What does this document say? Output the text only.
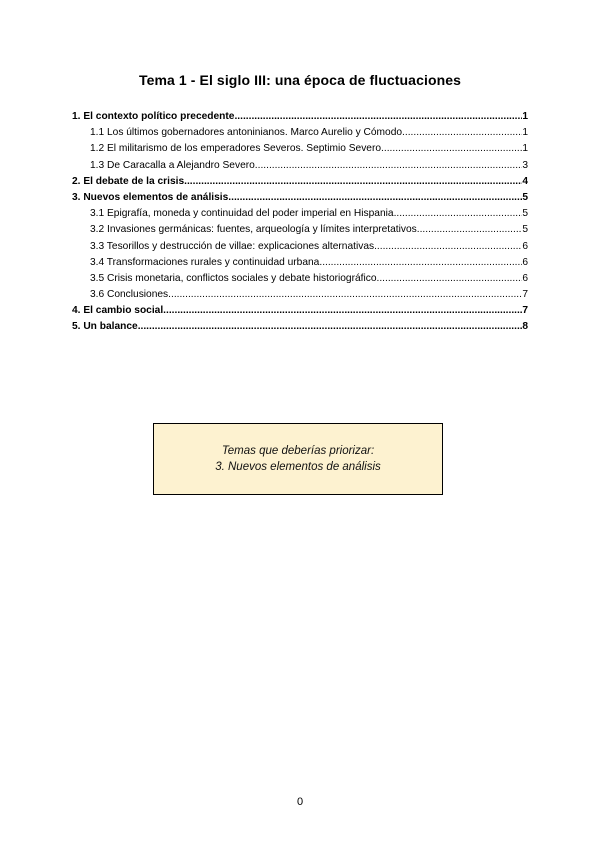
Tema 1 - El siglo III: una época de fluctuaciones
1. El contexto político precedente .....	1
1.1 Los últimos gobernadores antoninianos. Marco Aurelio y Cómodo .....	1
1.2 El militarismo de los emperadores Severos. Septimio Severo .....	1
1.3 De Caracalla a Alejandro Severo .....	3
2. El debate de la crisis .....	4
3. Nuevos elementos de análisis .....	5
3.1 Epigrafía, moneda y continuidad del poder imperial en Hispania .....	5
3.2 Invasiones germánicas: fuentes, arqueología y límites interpretativos .....	5
3.3 Tesorillos y destrucción de villae: explicaciones alternativas .....	6
3.4 Transformaciones rurales y continuidad urbana .....	6
3.5 Crisis monetaria, conflictos sociales y debate historiográfico .....	6
3.6 Conclusiones .....	7
4. El cambio social .....	7
5. Un balance .....	8
Temas que deberías priorizar:
3. Nuevos elementos de análisis
0
